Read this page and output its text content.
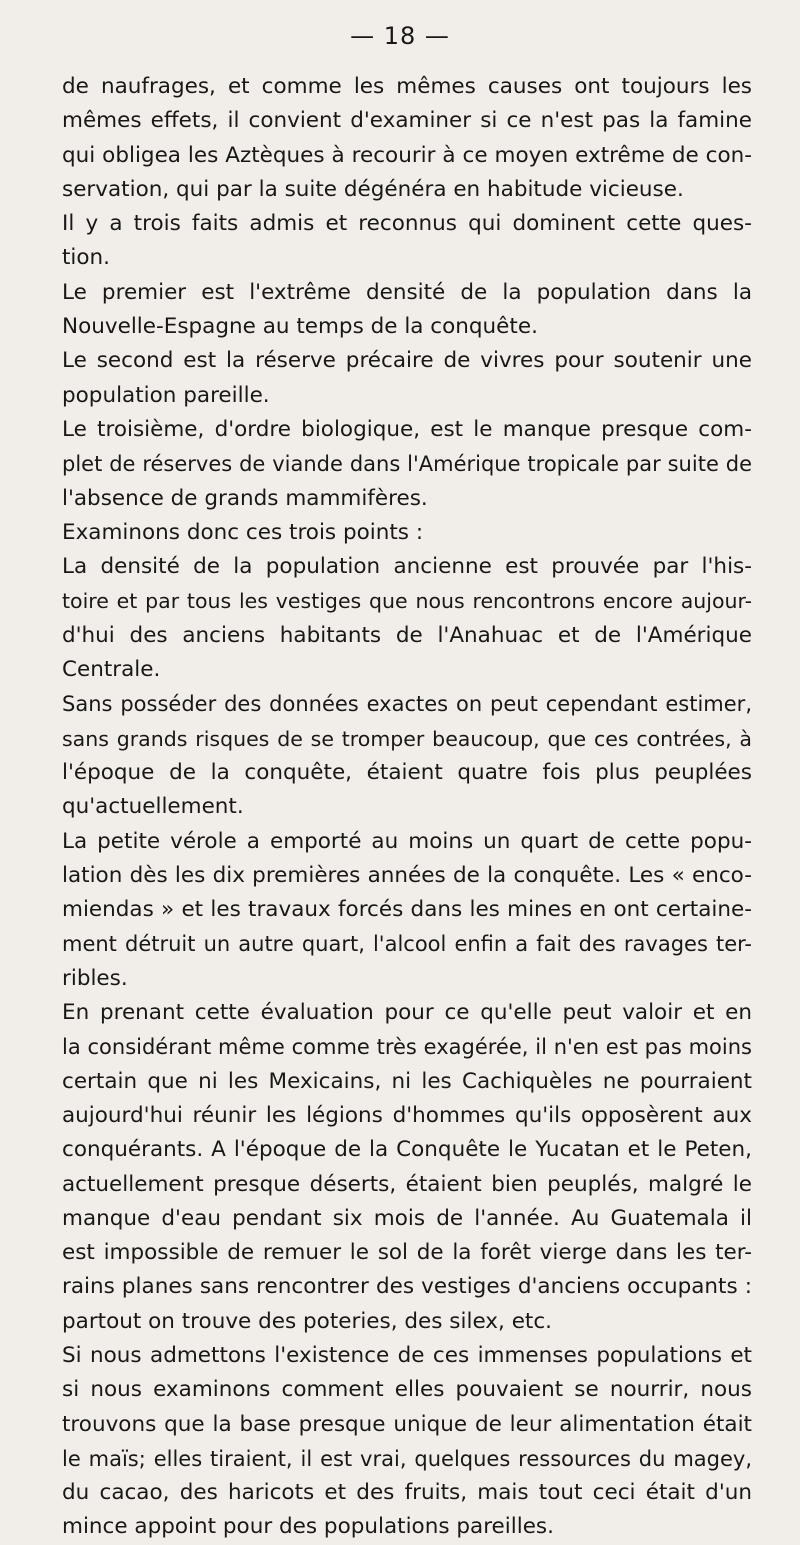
— 18 —
de naufrages, et comme les mêmes causes ont toujours les
mêmes effets, il convient d'examiner si ce n'est pas la famine
qui obligea les Aztèques à recourir à ce moyen extrême de con-
servation, qui par la suite dégénéra en habitude vicieuse.
Il y a trois faits admis et reconnus qui dominent cette ques-
tion.
Le premier est l'extrême densité de la population dans la
Nouvelle-Espagne au temps de la conquête.
Le second est la réserve précaire de vivres pour soutenir une
population pareille.
Le troisième, d'ordre biologique, est le manque presque com-
plet de réserves de viande dans l'Amérique tropicale par suite de
l'absence de grands mammifères.
Examinons donc ces trois points :
La densité de la population ancienne est prouvée par l'his-
toire et par tous les vestiges que nous rencontrons encore aujour-
d'hui des anciens habitants de l'Anahuac et de l'Amérique
Centrale.
Sans posséder des données exactes on peut cependant estimer,
sans grands risques de se tromper beaucoup, que ces contrées, à
l'époque de la conquête, étaient quatre fois plus peuplées
qu'actuellement.
La petite vérole a emporté au moins un quart de cette popu-
lation dès les dix premières années de la conquête. Les « enco-
miendas » et les travaux forcés dans les mines en ont certaine-
ment détruit un autre quart, l'alcool enfin a fait des ravages ter-
ribles.
En prenant cette évaluation pour ce qu'elle peut valoir et en
la considérant même comme très exagérée, il n'en est pas moins
certain que ni les Mexicains, ni les Cachiquèles ne pourraient
aujourd'hui réunir les légions d'hommes qu'ils opposèrent aux
conquérants. A l'époque de la Conquête le Yucatan et le Peten,
actuellement presque déserts, étaient bien peuplés, malgré le
manque d'eau pendant six mois de l'année. Au Guatemala il
est impossible de remuer le sol de la forêt vierge dans les ter-
rains planes sans rencontrer des vestiges d'anciens occupants :
partout on trouve des poteries, des silex, etc.
Si nous admettons l'existence de ces immenses populations et
si nous examinons comment elles pouvaient se nourrir, nous
trouvons que la base presque unique de leur alimentation était
le maïs; elles tiraient, il est vrai, quelques ressources du magey,
du cacao, des haricots et des fruits, mais tout ceci était d'un
mince appoint pour des populations pareilles.
